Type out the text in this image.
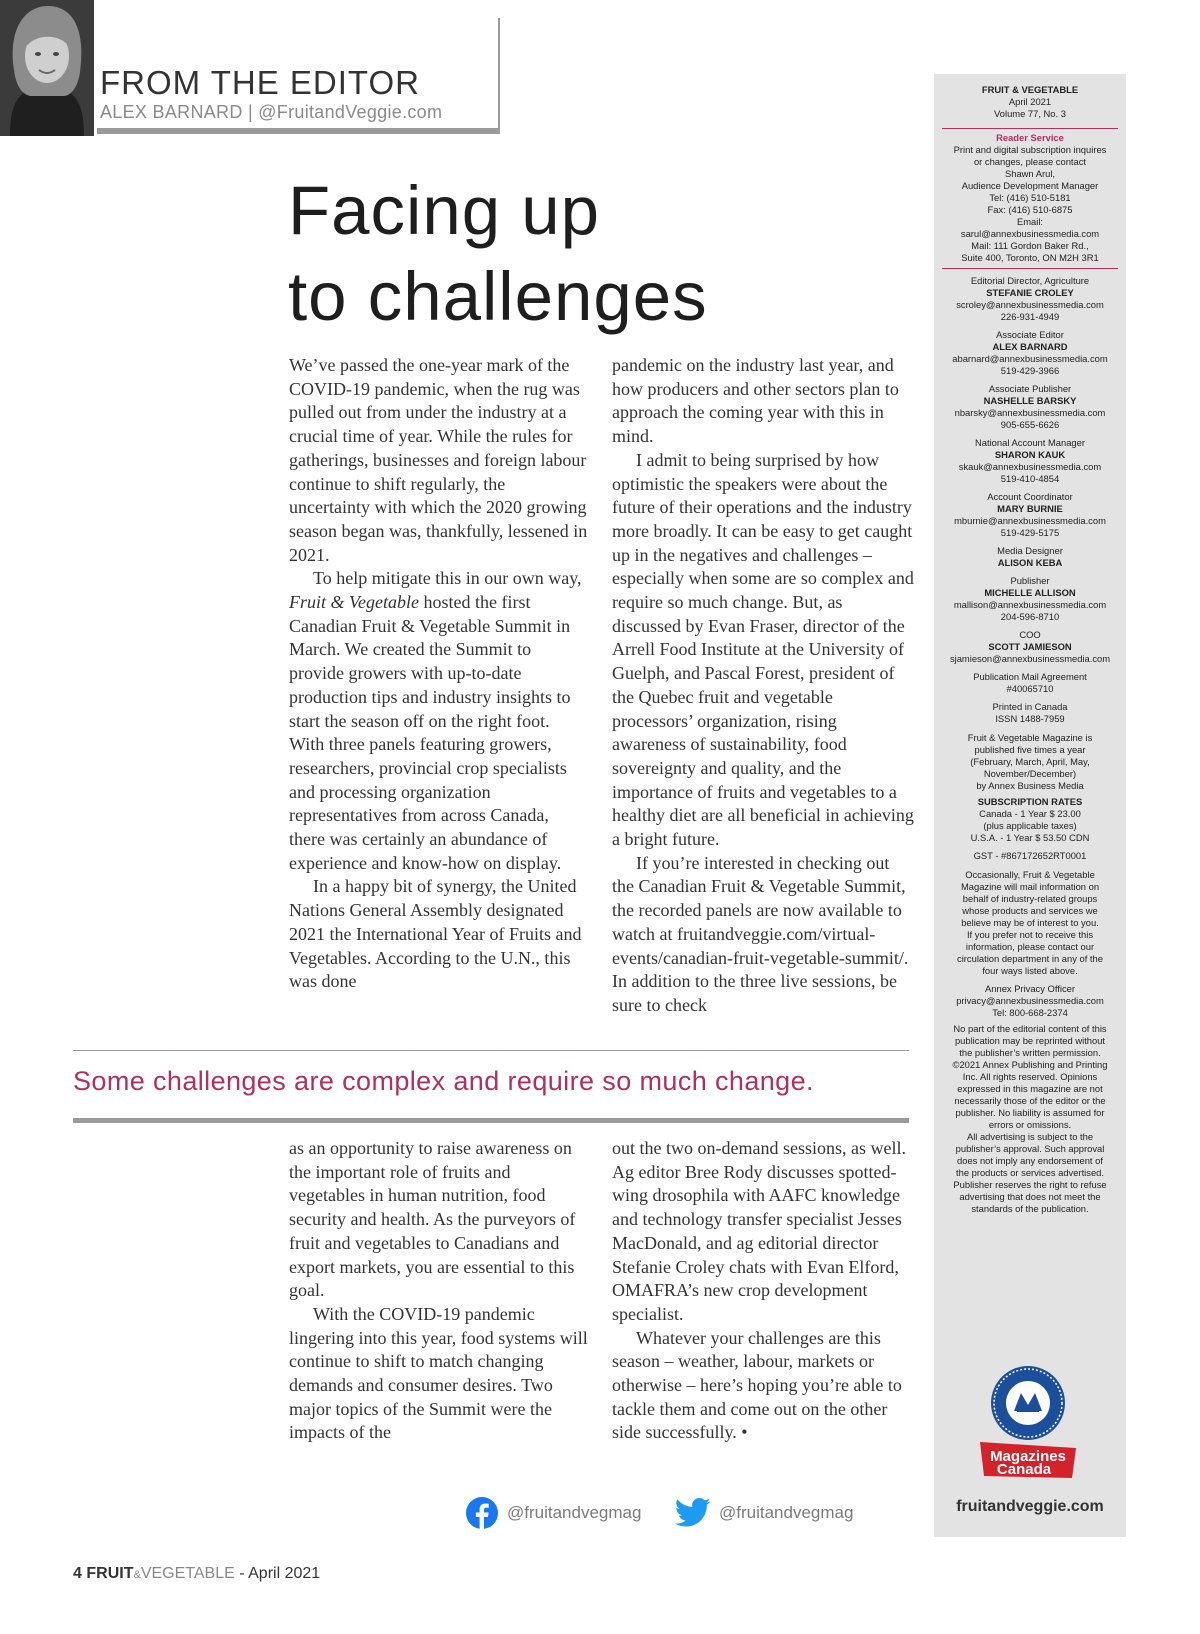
FROM THE EDITOR
ALEX BARNARD | @FruitandVeggie.com
Facing up
to challenges

We’ve passed the one-year mark of the COVID-19 pandemic, when the rug was pulled out from under the industry at a crucial time of year. While the rules for gatherings, businesses and foreign labour continue to shift regularly, the uncertainty with which the 2020 growing season began was, thankfully, lessened in 2021.

To help mitigate this in our own way, Fruit & Vegetable hosted the first Canadian Fruit & Vegetable Summit in March. We created the Summit to provide growers with up-to-date production tips and industry insights to start the season off on the right foot. With three panels featuring growers, researchers, provincial crop specialists and processing organization representatives from across Canada, there was certainly an abundance of experience and know-how on display.

In a happy bit of synergy, the United Nations General Assembly designated 2021 the International Year of Fruits and Vegetables. According to the U.N., this was done

pandemic on the industry last year, and how producers and other sectors plan to approach the coming year with this in mind.

I admit to being surprised by how optimistic the speakers were about the future of their operations and the industry more broadly. It can be easy to get caught up in the negatives and challenges – especially when some are so complex and require so much change. But, as discussed by Evan Fraser, director of the Arrell Food Institute at the University of Guelph, and Pascal Forest, president of the Quebec fruit and vegetable processors’ organization, rising awareness of sustainability, food sovereignty and quality, and the importance of fruits and vegetables to a healthy diet are all beneficial in achieving a bright future.

If you’re interested in checking out the Canadian Fruit & Vegetable Summit, the recorded panels are now available to watch at fruitandveggie.com/virtual-events/canadian-fruit-vegetable-summit/. In addition to the three live sessions, be sure to check

Some challenges are complex and require so much change.

as an opportunity to raise awareness on the important role of fruits and vegetables in human nutrition, food security and health. As the purveyors of fruit and vegetables to Canadians and export markets, you are essential to this goal.

With the COVID-19 pandemic lingering into this year, food systems will continue to shift to match changing demands and consumer desires. Two major topics of the Summit were the impacts of the

out the two on-demand sessions, as well. Ag editor Bree Rody discusses spotted-wing drosophila with AAFC knowledge and technology transfer specialist Jesses MacDonald, and ag editorial director Stefanie Croley chats with Evan Elford, OMAFRA’s new crop development specialist.

Whatever your challenges are this season – weather, labour, markets or otherwise – here’s hoping you’re able to tackle them and come out on the other side successfully. •

FRUIT & VEGETABLE
April 2021
Volume 77, No. 3
Reader Service
Print and digital subscription inquires
or changes, please contact
Shawn Arul,
Audience Development Manager
Tel: (416) 510-5181
Fax: (416) 510-6875
Email:
sarul@annexbusinessmedia.com
Mail: 111 Gordon Baker Rd.,
Suite 400, Toronto, ON M2H 3R1
Editorial Director, Agriculture
STEFANIE CROLEY
scroley@annexbusinessmedia.com
226-931-4949
Associate Editor
ALEX BARNARD
abarnard@annexbusinessmedia.com
519-429-3966
Associate Publisher
NASHELLE BARSKY
nbarsky@annexbusinessmedia.com
905-655-6626
National Account Manager
SHARON KAUK
skauk@annexbusinessmedia.com
519-410-4854
Account Coordinator
MARY BURNIE
mburnie@annexbusinessmedia.com
519-429-5175
Media Designer
ALISON KEBA
Publisher
MICHELLE ALLISON
mallison@annexbusinessmedia.com
204-596-8710
COO
SCOTT JAMIESON
sjamieson@annexbusinessmedia.com
Publication Mail Agreement
#40065710
Printed in Canada
ISSN 1488-7959
Fruit & Vegetable Magazine is
published five times a year
(February, March, April, May,
November/December)
by Annex Business Media
SUBSCRIPTION RATES
Canada - 1 Year $ 23.00
(plus applicable taxes)
U.S.A. - 1 Year $ 53.50 CDN
GST - #867172652RT0001
Occasionally, Fruit & Vegetable
Magazine will mail information on
behalf of industry-related groups
whose products and services we
believe may be of interest to you.
If you prefer not to receive this
information, please contact our
circulation department in any of the
four ways listed above.
Annex Privacy Officer
privacy@annexbusinessmedia.com
Tel: 800-668-2374
No part of the editorial content of this
publication may be reprinted without
the publisher’s written permission.
©2021 Annex Publishing and Printing
Inc. All rights reserved. Opinions
expressed in this magazine are not
necessarily those of the editor or the
publisher. No liability is assumed for
errors or omissions.
All advertising is subject to the
publisher’s approval. Such approval
does not imply any endorsement of
the products or services advertised.
Publisher reserves the right to refuse
advertising that does not meet the
standards of the publication.
Magazines
Canada
fruitandveggie.com
@fruitandvegmag	@fruitandvegmag
4 FRUIT&VEGETABLE - April 2021
